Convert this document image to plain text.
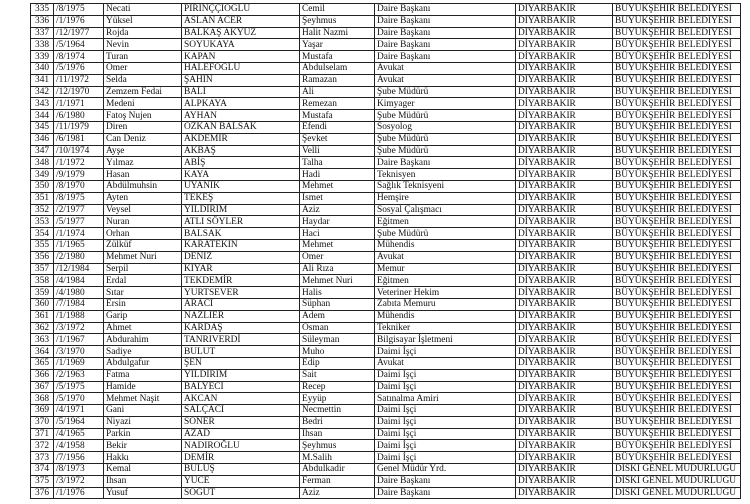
335	/8/1975	Necati	PİRİNÇÇİOĞLU	Cemil	Daire Başkanı	DİYARBAKIR	BÜYÜKŞEHİR BELEDİYESİ
336	/1/1976	Yüksel	ASLAN ACER	Şeyhmus	Daire Başkanı	DİYARBAKIR	BÜYÜKŞEHİR BELEDİYESİ
337	/12/1977	Rojda	BALKAŞ AKYÜZ	Halit Nazmi	Daire Başkanı	DİYARBAKIR	BÜYÜKŞEHİR BELEDİYESİ
338	/5/1964	Nevin	SOYUKAYA	Yaşar	Daire Başkanı	DİYARBAKIR	BÜYÜKŞEHİR BELEDİYESİ
339	/8/1974	Turan	KAPAN	Mustafa	Daire Başkanı	DİYARBAKIR	BÜYÜKŞEHİR BELEDİYESİ
340	/5/1976	Ömer	HALEFOĞLU	Abdulselam	Avukat	DİYARBAKIR	BÜYÜKŞEHİR BELEDİYESİ
341	/11/1972	Selda	ŞAHİN	Ramazan	Avukat	DİYARBAKIR	BÜYÜKŞEHİR BELEDİYESİ
342	/12/1970	Zemzem Fedai	BALİ	Ali	Şube Müdürü	DİYARBAKIR	BÜYÜKŞEHİR BELEDİYESİ
343	/1/1971	Medeni	ALPKAYA	Remezan	Kimyager	DİYARBAKIR	BÜYÜKŞEHİR BELEDİYESİ
344	/6/1980	Fatoş Nujen	AYHAN	Mustafa	Şube Müdürü	DİYARBAKIR	BÜYÜKŞEHİR BELEDİYESİ
345	/11/1979	Diren	ÖZKAN BALSAK	Efendi	Sosyolog	DİYARBAKIR	BÜYÜKŞEHİR BELEDİYESİ
346	/6/1981	Can Deniz	AKDEMİR	Şevket	Şube Müdürü	DİYARBAKIR	BÜYÜKŞEHİR BELEDİYESİ
347	/10/1974	Ayşe	AKBAŞ	Velli	Şube Müdürü	DİYARBAKIR	BÜYÜKŞEHİR BELEDİYESİ
348	/1/1972	Yılmaz	ABİŞ	Talha	Daire Başkanı	DİYARBAKIR	BÜYÜKŞEHİR BELEDİYESİ
349	/9/1979	Hasan	KAYA	Hadi	Teknisyen	DİYARBAKIR	BÜYÜKŞEHİR BELEDİYESİ
350	/8/1970	Abdülmuhsin	UYANIK	Mehmet	Sağlık Teknisyeni	DİYARBAKIR	BÜYÜKŞEHİR BELEDİYESİ
351	/8/1975	Ayten	TEKEŞ	İsmet	Hemşire	DİYARBAKIR	BÜYÜKŞEHİR BELEDİYESİ
352	/2/1977	Veysel	YILDIRIM	Aziz	Sosyal Çalışmacı	DİYARBAKIR	BÜYÜKŞEHİR BELEDİYESİ
353	/5/1977	Nuran	ATLI SÖYLER	Haydar	Eğitmen	DİYARBAKIR	BÜYÜKŞEHİR BELEDİYESİ
354	/1/1974	Orhan	BALSAK	Haci	Şube Müdürü	DİYARBAKIR	BÜYÜKŞEHİR BELEDİYESİ
355	/1/1965	Zülküf	KARATEKİN	Mehmet	Mühendis	DİYARBAKIR	BÜYÜKŞEHİR BELEDİYESİ
356	/2/1980	Mehmet Nuri	DENİZ	Ömer	Avukat	DİYARBAKIR	BÜYÜKŞEHİR BELEDİYESİ
357	/12/1984	Serpil	KIYAR	Ali Rıza	Memur	DİYARBAKIR	BÜYÜKŞEHİR BELEDİYESİ
358	/4/1984	Erdal	TEKDEMİR	Mehmet Nuri	Eğitmen	DİYARBAKIR	BÜYÜKŞEHİR BELEDİYESİ
359	/4/1980	Sıtar	YURTSEVER	Halis	Veteriner Hekim	DİYARBAKIR	BÜYÜKŞEHİR BELEDİYESİ
360	/7/1984	Ersin	ARACI	Süphan	Zabıta Memuru	DİYARBAKIR	BÜYÜKŞEHİR BELEDİYESİ
361	/1/1988	Garip	NAZLIER	Adem	Mühendis	DİYARBAKIR	BÜYÜKŞEHİR BELEDİYESİ
362	/3/1972	Ahmet	KARDAŞ	Osman	Tekniker	DİYARBAKIR	BÜYÜKŞEHİR BELEDİYESİ
363	/1/1967	Abdurahim	TANRIVERDİ	Süleyman	Bilgisayar İşletmeni	DİYARBAKIR	BÜYÜKŞEHİR BELEDİYESİ
364	/3/1970	Sadiye	BULUT	Muho	Daimi İşçi	DİYARBAKIR	BÜYÜKŞEHİR BELEDİYESİ
365	/1/1969	Abdulgafur	ŞEN	Edip	Avukat	DİYARBAKIR	BÜYÜKŞEHİR BELEDİYESİ
366	/2/1963	Fatma	YILDIRIM	Sait	Daimi İşçi	DİYARBAKIR	BÜYÜKŞEHİR BELEDİYESİ
367	/5/1975	Hamide	BALYECİ	Recep	Daimi İşçi	DİYARBAKIR	BÜYÜKŞEHİR BELEDİYESİ
368	/5/1970	Mehmet Naşit	AKCAN	Eyyüp	Satınalma Amiri	DİYARBAKIR	BÜYÜKŞEHİR BELEDİYESİ
369	/4/1971	Gani	SALÇACI	Necmettin	Daimi İşçi	DİYARBAKIR	BÜYÜKŞEHİR BELEDİYESİ
370	/5/1964	Niyazi	SÖNER	Bedri	Daimi İşçi	DİYARBAKIR	BÜYÜKŞEHİR BELEDİYESİ
371	/4/1965	Parkin	AZAD	İhsan	Daimi İşçi	DİYARBAKIR	BÜYÜKŞEHİR BELEDİYESİ
372	/4/1958	Bekir	NADIROĞLU	Şeyhmus	Daimi İşçi	DİYARBAKIR	BÜYÜKŞEHİR BELEDİYESİ
373	/7/1956	Hakkı	DEMİR	M.Salih	Daimi İşçi	DİYARBAKIR	BÜYÜKŞEHİR BELEDİYESİ
374	/8/1973	Kemal	BULUŞ	Abdulkadir	Genel Müdür Yrd.	DİYARBAKIR	DİSKİ GENEL MÜDÜRLÜĞÜ
375	/3/1972	İhsan	YÜCE	Ferman	Daire Başkanı	DİYARBAKIR	DİSKİ GENEL MÜDÜRLÜĞÜ
376	/1/1976	Yusuf	SÖĞÜT	Aziz	Daire Başkanı	DİYARBAKIR	DİSKİ GENEL MÜDÜRLÜĞÜ
